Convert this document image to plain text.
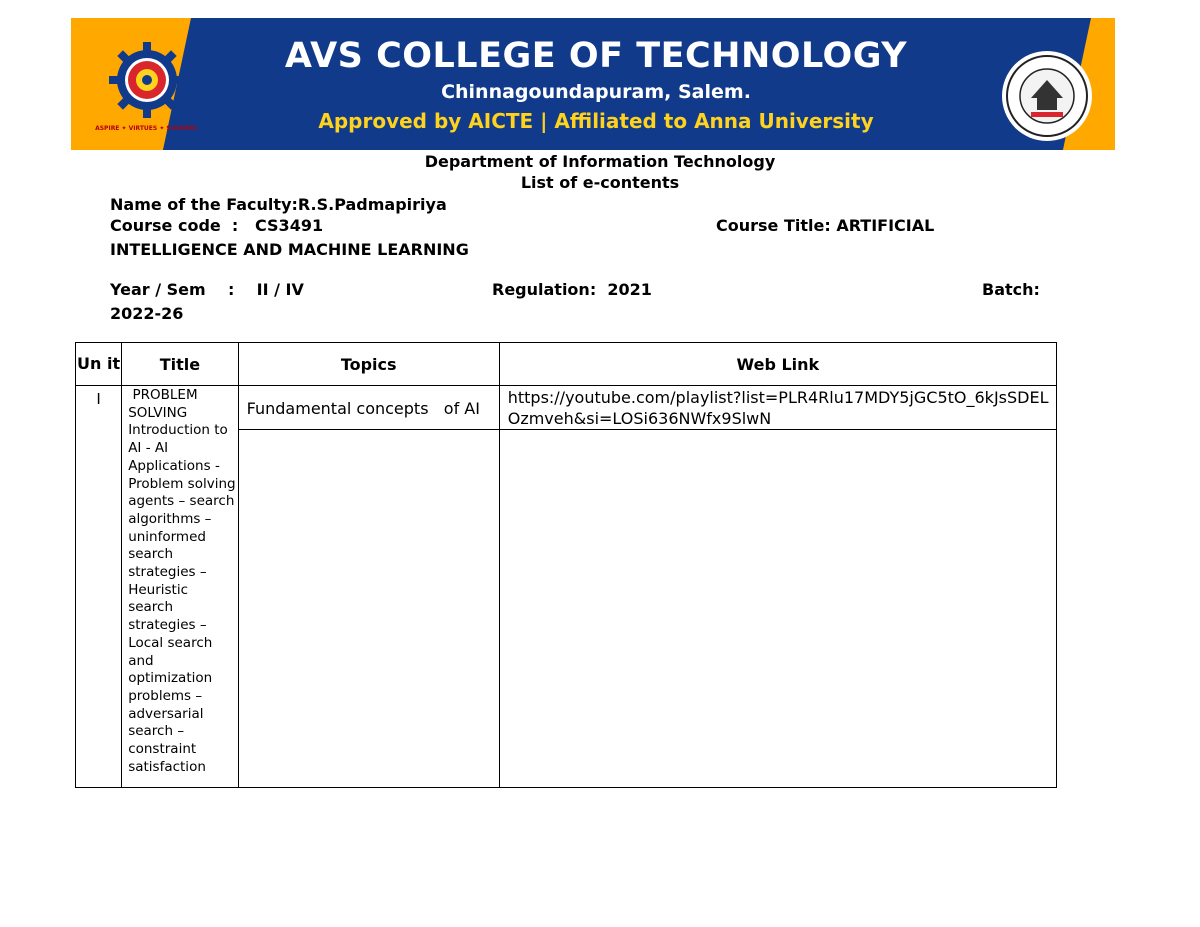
ASPIRE ✦ VIRTUES ✦ SUCCESS
AVS COLLEGE OF TECHNOLOGY
Chinnagoundapuram, Salem.
Approved by AICTE | Affiliated to Anna University
Department of Information Technology
List of e-contents
Name of the Faculty:R.S.Padmapiriya
Course code  :   CS3491	Course Title: ARTIFICIAL
INTELLIGENCE AND MACHINE LEARNING
Year / Sem    :    II / IV	Regulation:  2021	Batch:
2022-26
Un it	Title	Topics	Web Link
I	PROBLEM SOLVING Introduction to AI - AI Applications - Problem solving agents – search algorithms – uninformed search strategies – Heuristic search strategies – Local search and optimization problems – adversarial search – constraint satisfaction	Fundamental concepts   of AI	https://youtube.com/playlist?list=PLR4Rlu17MDY5jGC5tO_6kJsSDELOzmveh&si=LOSi636NWfx9SlwN
